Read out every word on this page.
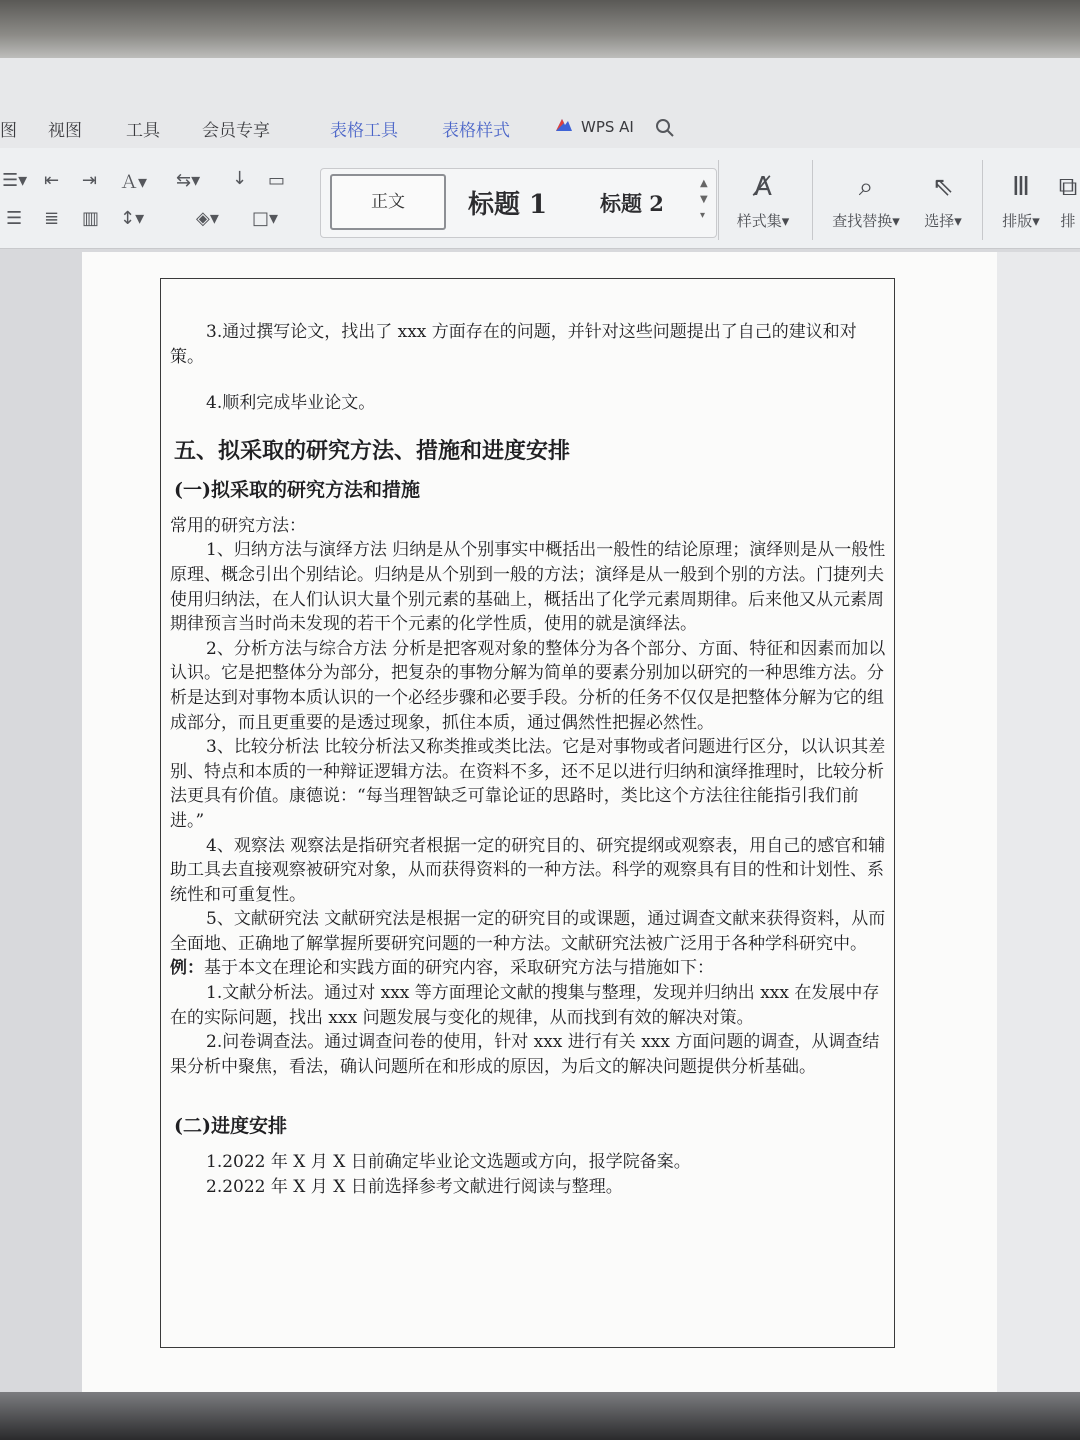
图 视图	工具 会员专享	表格工具	表格样式	WPS AI
☰▾ ⇤ ⇥ Ａ▾ ⇆▾ ↓ ▭
☰ ≣ ▥ ↕▾	◈▾ □▾
正文	标题 1	标题 2
▲
▼
▾
A̸
样式集▾
⌕
查找替换▾
⇖
选择▾
Ⅲ
排版▾
⧉
排

3.通过撰写论文，找出了 xxx 方面存在的问题，并针对这些问题提出了自己的建议和对策。

4.顺利完成毕业论文。

五、拟采取的研究方法、措施和进度安排
(一)拟采取的研究方法和措施

常用的研究方法：

1、归纳方法与演绎方法 归纳是从个别事实中概括出一般性的结论原理；演绎则是从一般性原理、概念引出个别结论。归纳是从个别到一般的方法；演绎是从一般到个别的方法。门捷列夫使用归纳法，在人们认识大量个别元素的基础上，概括出了化学元素周期律。后来他又从元素周期律预言当时尚未发现的若干个元素的化学性质，使用的就是演绎法。

2、分析方法与综合方法 分析是把客观对象的整体分为各个部分、方面、特征和因素而加以认识。它是把整体分为部分，把复杂的事物分解为简单的要素分别加以研究的一种思维方法。分析是达到对事物本质认识的一个必经步骤和必要手段。分析的任务不仅仅是把整体分解为它的组成部分，而且更重要的是透过现象，抓住本质，通过偶然性把握必然性。

3、比较分析法 比较分析法又称类推或类比法。它是对事物或者问题进行区分，以认识其差别、特点和本质的一种辩证逻辑方法。在资料不多，还不足以进行归纳和演绎推理时，比较分析法更具有价值。康德说：“每当理智缺乏可靠论证的思路时，类比这个方法往往能指引我们前进。”

4、观察法 观察法是指研究者根据一定的研究目的、研究提纲或观察表，用自己的感官和辅助工具去直接观察被研究对象，从而获得资料的一种方法。科学的观察具有目的性和计划性、系统性和可重复性。

5、文献研究法 文献研究法是根据一定的研究目的或课题，通过调查文献来获得资料，从而全面地、正确地了解掌握所要研究问题的一种方法。文献研究法被广泛用于各种学科研究中。

例：基于本文在理论和实践方面的研究内容，采取研究方法与措施如下：

1.文献分析法。通过对 xxx 等方面理论文献的搜集与整理，发现并归纳出 xxx 在发展中存在的实际问题，找出 xxx 问题发展与变化的规律，从而找到有效的解决对策。

2.问卷调查法。通过调查问卷的使用，针对 xxx 进行有关 xxx 方面问题的调查，从调查结果分析中聚焦，看法，确认问题所在和形成的原因，为后文的解决问题提供分析基础。

(二)进度安排

1.2022 年 X 月 X 日前确定毕业论文选题或方向，报学院备案。

2.2022 年 X 月 X 日前选择参考文献进行阅读与整理。
